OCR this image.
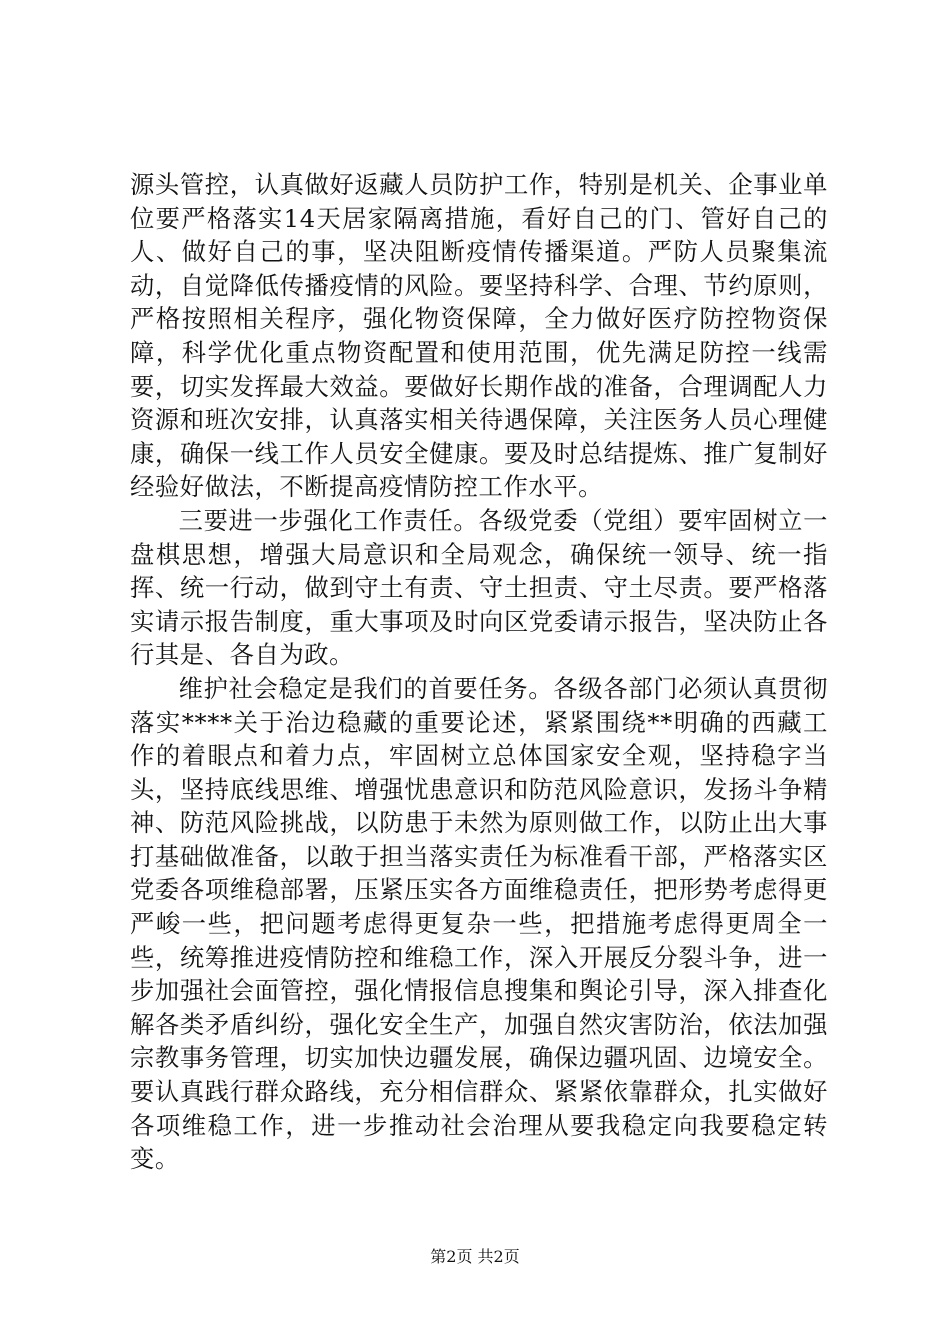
源头管控，认真做好返藏人员防护工作，特别是机关、企事业单位要严格落实14天居家隔离措施，看好自己的门、管好自己的人、做好自己的事，坚决阻断疫情传播渠道。严防人员聚集流动，自觉降低传播疫情的风险。要坚持科学、合理、节约原则，严格按照相关程序，强化物资保障，全力做好医疗防控物资保障，科学优化重点物资配置和使用范围，优先满足防控一线需要，切实发挥最大效益。要做好长期作战的准备，合理调配人力资源和班次安排，认真落实相关待遇保障，关注医务人员心理健康，确保一线工作人员安全健康。要及时总结提炼、推广复制好经验好做法，不断提高疫情防控工作水平。

三要进一步强化工作责任。各级党委（党组）要牢固树立一盘棋思想，增强大局意识和全局观念，确保统一领导、统一指挥、统一行动，做到守土有责、守土担责、守土尽责。要严格落实请示报告制度，重大事项及时向区党委请示报告，坚决防止各行其是、各自为政。

维护社会稳定是我们的首要任务。各级各部门必须认真贯彻落实****关于治边稳藏的重要论述，紧紧围绕**明确的西藏工作的着眼点和着力点，牢固树立总体国家安全观，坚持稳字当头，坚持底线思维、增强忧患意识和防范风险意识，发扬斗争精神、防范风险挑战，以防患于未然为原则做工作，以防止出大事打基础做准备，以敢于担当落实责任为标准看干部，严格落实区党委各项维稳部署，压紧压实各方面维稳责任，把形势考虑得更严峻一些，把问题考虑得更复杂一些，把措施考虑得更周全一些，统筹推进疫情防控和维稳工作，深入开展反分裂斗争，进一步加强社会面管控，强化情报信息搜集和舆论引导，深入排查化解各类矛盾纠纷，强化安全生产，加强自然灾害防治，依法加强宗教事务管理，切实加快边疆发展，确保边疆巩固、边境安全。要认真践行群众路线，充分相信群众、紧紧依靠群众，扎实做好各项维稳工作，进一步推动社会治理从要我稳定向我要稳定转变。

第2页 共2页
